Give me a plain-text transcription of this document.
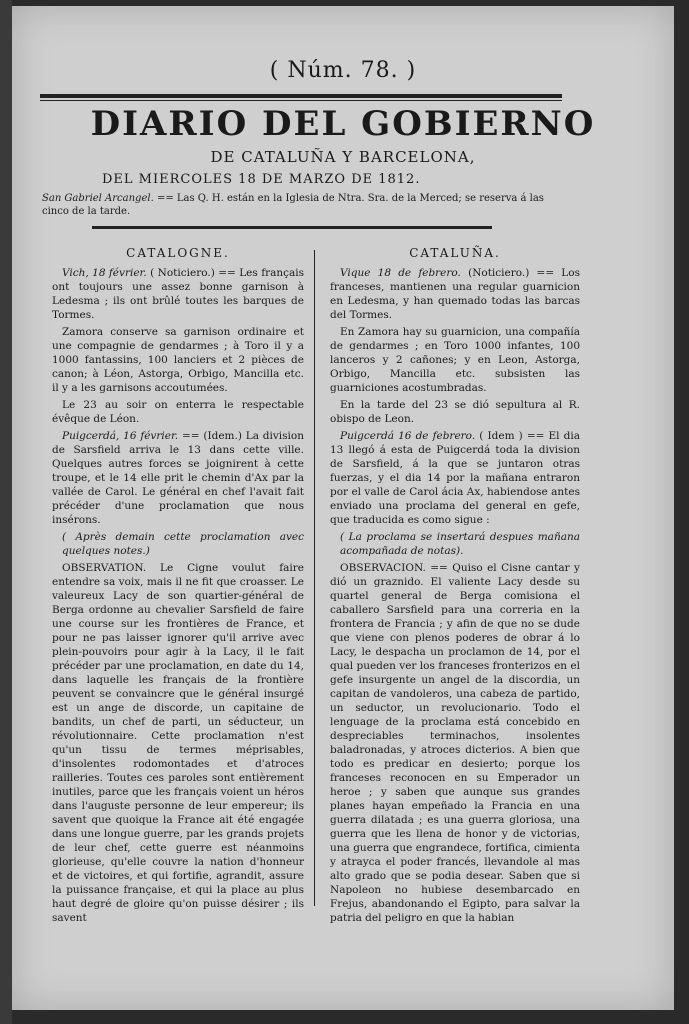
( Núm. 78. )
DIARIO DEL GOBIERNO
DE CATALUÑA Y BARCELONA,
DEL MIERCOLES 18 DE MARZO DE 1812.
San Gabriel Arcangel. == Las Q. H. están en la Iglesia de Ntra. Sra. de la Merced; se reserva á las cinco de la tarde.

CATALOGNE.

Vich, 18 février. ( Noticiero.) == Les français ont toujours une assez bonne garnison à Ledesma ; ils ont brûlé toutes les barques de Tormes.

Zamora conserve sa garnison ordinaire et une compagnie de gendarmes ; à Toro il y a 1000 fantassins, 100 lanciers et 2 pièces de canon; à Léon, Astorga, Orbigo, Mancilla etc. il y a les garnisons accoutumées.

Le 23 au soir on enterra le respectable évêque de Léon.

Puigcerdá, 16 février. == (Idem.) La division de Sarsfield arriva le 13 dans cette ville. Quelques autres forces se joignirent à cette troupe, et le 14 elle prit le chemin d'Ax par la vallée de Carol. Le général en chef l'avait fait précéder d'une proclamation que nous insérons.

( Après demain cette proclamation avec quelques notes.)

OBSERVATION. Le Cigne voulut faire entendre sa voix, mais il ne fit que croasser. Le valeureux Lacy de son quartier-général de Berga ordonne au chevalier Sarsfield de faire une course sur les frontières de France, et pour ne pas laisser ignorer qu'il arrive avec plein-pouvoirs pour agir à la Lacy, il le fait précéder par une proclamation, en date du 14, dans laquelle les français de la frontière peuvent se convaincre que le général insurgé est un ange de discorde, un capitaine de bandits, un chef de parti, un séducteur, un révolutionnaire. Cette proclamation n'est qu'un tissu de termes méprisables, d'insolentes rodomontades et d'atroces railleries. Toutes ces paroles sont entièrement inutiles, parce que les français voient un héros dans l'auguste personne de leur empereur; ils savent que quoique la France ait été engagée dans une longue guerre, par les grands projets de leur chef, cette guerre est néanmoins glorieuse, qu'elle couvre la nation d'honneur et de victoires, et qui fortifie, agrandit, assure la puissance française, et qui la place au plus haut degré de gloire qu'on puisse désirer ; ils savent

CATALUÑA.

Vique 18 de febrero. (Noticiero.) == Los franceses, mantienen una regular guarnicion en Ledesma, y han quemado todas las barcas del Tormes.

En Zamora hay su guarnicion, una compañía de gendarmes ; en Toro 1000 infantes, 100 lanceros y 2 cañones; y en Leon, Astorga, Orbigo, Mancilla etc. subsisten las guarniciones acostumbradas.

En la tarde del 23 se dió sepultura al R. obispo de Leon.

Puigcerdá 16 de febrero. ( Idem ) == El dia 13 llegó á esta de Puigcerdá toda la division de Sarsfield, á la que se juntaron otras fuerzas, y el dia 14 por la mañana entraron por el valle de Carol ácia Ax, habiendose antes enviado una proclama del general en gefe, que traducida es como sigue :

( La proclama se insertará despues mañana acompañada de notas).

OBSERVACION. == Quiso el Cisne cantar y dió un graznido. El valiente Lacy desde su quartel general de Berga comisiona el caballero Sarsfield para una correria en la frontera de Francia ; y afin de que no se dude que viene con plenos poderes de obrar á lo Lacy, le despacha un proclamon de 14, por el qual pueden ver los franceses fronterizos en el gefe insurgente un angel de la discordia, un capitan de vandoleros, una cabeza de partido, un seductor, un revolucionario. Todo el lenguage de la proclama está concebido en despreciables terminachos, insolentes baladronadas, y atroces dicterios. A bien que todo es predicar en desierto; porque los franceses reconocen en su Emperador un heroe ; y saben que aunque sus grandes planes hayan empeñado la Francia en una guerra dilatada ; es una guerra gloriosa, una guerra que les llena de honor y de victorias, una guerra que engrandece, fortifica, cimienta y atrayca el poder francés, llevandole al mas alto grado que se podia desear. Saben que si Napoleon no hubiese desembarcado en Frejus, abandonando el Egipto, para salvar la patria del peligro en que la habian
